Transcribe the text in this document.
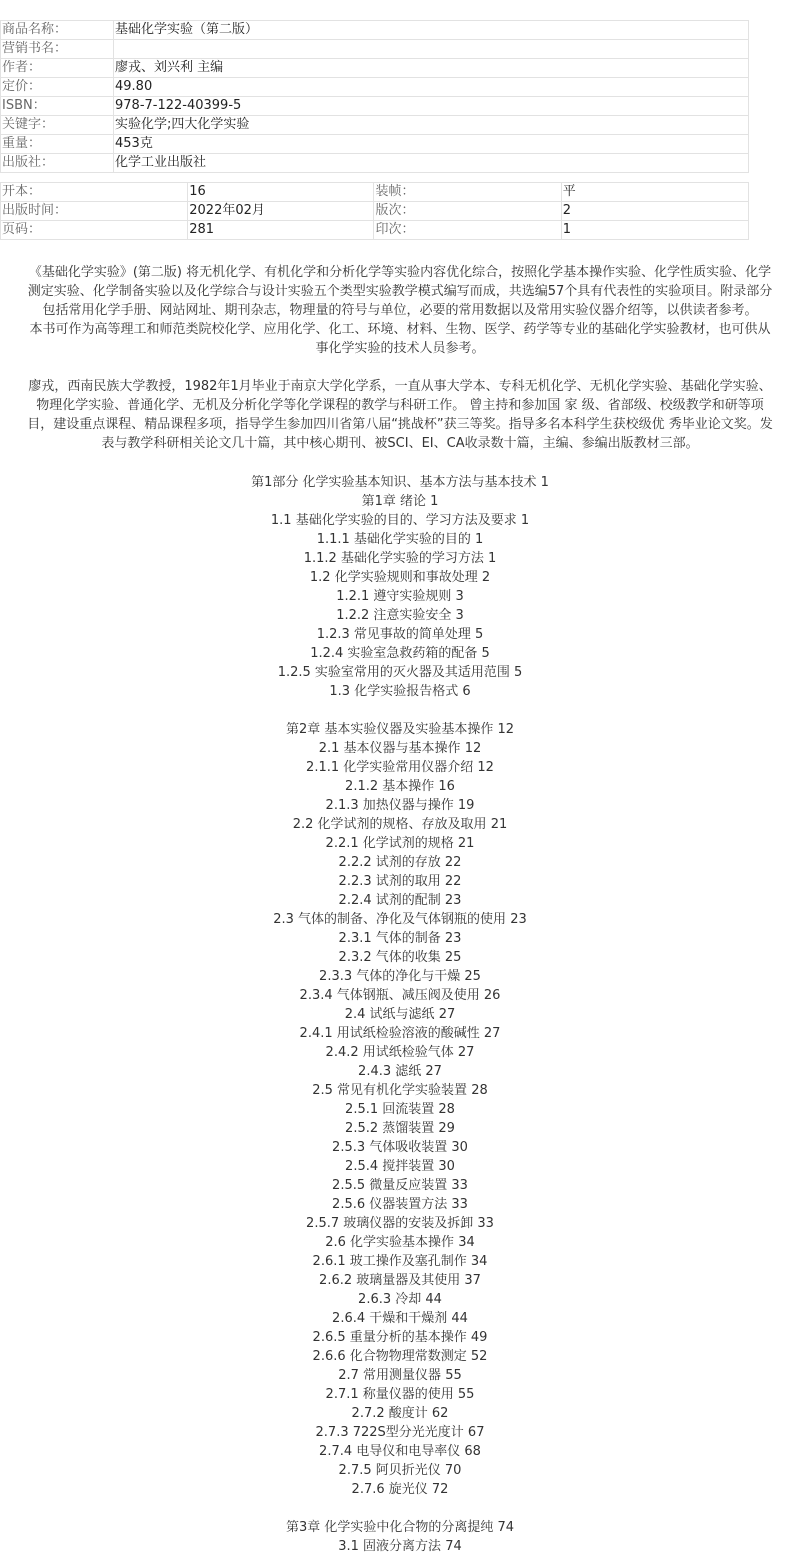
商品名称：	基础化学实验（第二版）
营销书名：	
作者：	廖戎、刘兴利 主编
定价：	49.80
ISBN：	978-7-122-40399-5
关键字：	实验化学;四大化学实验
重量：	453克
出版社：	化学工业出版社
开本：	16	装帧：	平
出版时间：	2022年02月	版次：	2
页码：	281	印次：	1
《基础化学实验》(第二版) 将无机化学、有机化学和分析化学等实验内容优化综合，按照化学基本操作实验、化学性质实验、化学
测定实验、化学制备实验以及化学综合与设计实验五个类型实验教学模式编写而成，共选编57个具有代表性的实验项目。附录部分
包括常用化学手册、网站网址、期刊杂志，物理量的符号与单位，必要的常用数据以及常用实验仪器介绍等，以供读者参考。
本书可作为高等理工和师范类院校化学、应用化学、化工、环境、材料、生物、医学、药学等专业的基础化学实验教材，也可供从
事化学实验的技术人员参考。
廖戎，西南民族大学教授，1982年1月毕业于南京大学化学系，一直从事大学本、专科无机化学、无机化学实验、基础化学实验、
物理化学实验、普通化学、无机及分析化学等化学课程的教学与科研工作。 曾主持和参加国 家 级、省部级、校级教学和研等项
目，建设重点课程、精品课程多项，指导学生参加四川省第八届“挑战杯”获三等奖。指导多名本科学生获校级优 秀毕业论文奖。发
表与教学科研相关论文几十篇，其中核心期刊、被SCI、EI、CA收录数十篇，主编、参编出版教材三部。
第1部分 化学实验基本知识、基本方法与基本技术 1
第1章 绪论 1
1.1 基础化学实验的目的、学习方法及要求 1
1.1.1 基础化学实验的目的 1
1.1.2 基础化学实验的学习方法 1
1.2 化学实验规则和事故处理 2
1.2.1 遵守实验规则 3
1.2.2 注意实验安全 3
1.2.3 常见事故的简单处理 5
1.2.4 实验室急救药箱的配备 5
1.2.5 实验室常用的灭火器及其适用范围 5
1.3 化学实验报告格式 6
第2章 基本实验仪器及实验基本操作 12
2.1 基本仪器与基本操作 12
2.1.1 化学实验常用仪器介绍 12
2.1.2 基本操作 16
2.1.3 加热仪器与操作 19
2.2 化学试剂的规格、存放及取用 21
2.2.1 化学试剂的规格 21
2.2.2 试剂的存放 22
2.2.3 试剂的取用 22
2.2.4 试剂的配制 23
2.3 气体的制备、净化及气体钢瓶的使用 23
2.3.1 气体的制备 23
2.3.2 气体的收集 25
2.3.3 气体的净化与干燥 25
2.3.4 气体钢瓶、减压阀及使用 26
2.4 试纸与滤纸 27
2.4.1 用试纸检验溶液的酸碱性 27
2.4.2 用试纸检验气体 27
2.4.3 滤纸 27
2.5 常见有机化学实验装置 28
2.5.1 回流装置 28
2.5.2 蒸馏装置 29
2.5.3 气体吸收装置 30
2.5.4 搅拌装置 30
2.5.5 微量反应装置 33
2.5.6 仪器装置方法 33
2.5.7 玻璃仪器的安装及拆卸 33
2.6 化学实验基本操作 34
2.6.1 玻工操作及塞孔制作 34
2.6.2 玻璃量器及其使用 37
2.6.3 冷却 44
2.6.4 干燥和干燥剂 44
2.6.5 重量分析的基本操作 49
2.6.6 化合物物理常数测定 52
2.7 常用测量仪器 55
2.7.1 称量仪器的使用 55
2.7.2 酸度计 62
2.7.3 722S型分光光度计 67
2.7.4 电导仪和电导率仪 68
2.7.5 阿贝折光仪 70
2.7.6 旋光仪 72
第3章 化学实验中化合物的分离提纯 74
3.1 固液分离方法 74
